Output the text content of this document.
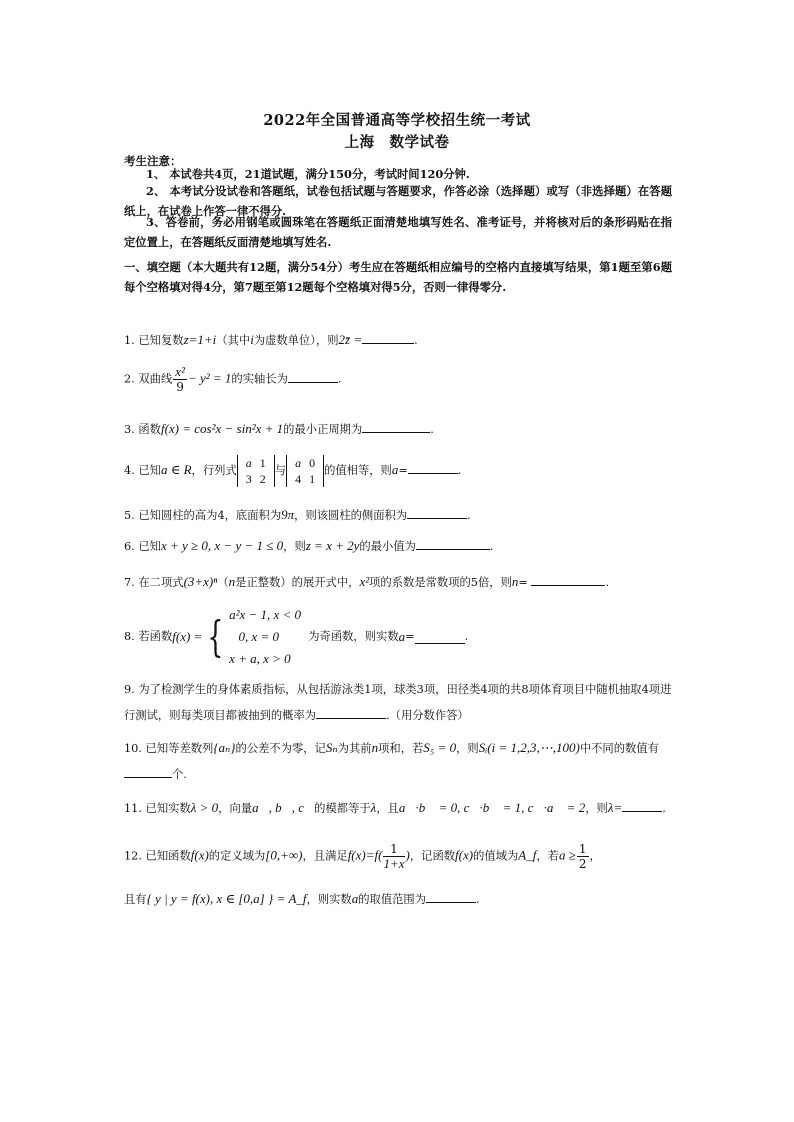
2022年全国普通高等学校招生统一考试
上海　数学试卷
考生注意：
1、 本试卷共4页，21道试题，满分150分，考试时间120分钟.
2、 本考试分设试卷和答题纸，试卷包括试题与答题要求，作答必涂（选择题）或写（非选择题）在答题纸上，在试卷上作答一律不得分.
3、答卷前，务必用钢笔或圆珠笔在答题纸正面清楚地填写姓名、准考证号，并将核对后的条形码贴在指定位置上，在答题纸反面清楚地填写姓名.
一、填空题（本大题共有12题，满分54分）考生应在答题纸相应编号的空格内直接填写结果，第1题至第6题每个空格填对得4分，第7题至第12题每个空格填对得5分，否则一律得零分.
1. 已知复数z=1+i（其中i为虚数单位），则2z̄ =	.
2. 双曲线 $\frac{\text{x²}}{9} - y^2 = 1$的实轴长为	.
3. 函数f(x) = cos²x − sin²x + 1的最小正周期为	.
4. 已知a ∈ R，行列式a 1
3 2与a 0
4 1的值相等，则a=	.
5. 已知圆柱的高为4，底面积为9π，则该圆柱的侧面积为	.
6. 已知x + y ≥ 0, x − y − 1 ≤ 0，则z = x + 2y的最小值为	.
7. 在二项式(3+x)ⁿ（n是正整数）的展开式中，x²项的系数是常数项的5倍，则n=	.
8. 若函数f(x) = { a²x − 1, x < 0
0, x = 0
x + a, x > 0  为奇函数，则实数a=	.
9. 为了检测学生的身体素质指标，从包括游泳类1项，球类3项，田径类4项的共8项体育项目中随机抽取4项进行测试，则每类项目都被抽到的概率为	.（用分数作答）
10. 已知等差数列{aₙ}的公差不为零，记Sₙ为其前n项和，若S₅ = 0，则Sᵢ(i = 1,2,3,⋯,100)中不同的数值有个.
11. 已知实数λ > 0，向量a⃗, b⃗, c⃗的模都等于λ，且a⃗·b⃗ = 0, c⃗·b⃗ = 1, c⃗·a⃗ = 2，则λ=	.
12. 已知函数f(x)的定义域为[0,+∞)，且满足$f(x)=f( \frac{1}{1+x}$ )，记函数f(x)的值域为A_f，若$a \ge \frac{1}{2}$ ，
且有{ y | y = f(x), x ∈ [0,a] } = A_f，则实数a的取值范围为	.
